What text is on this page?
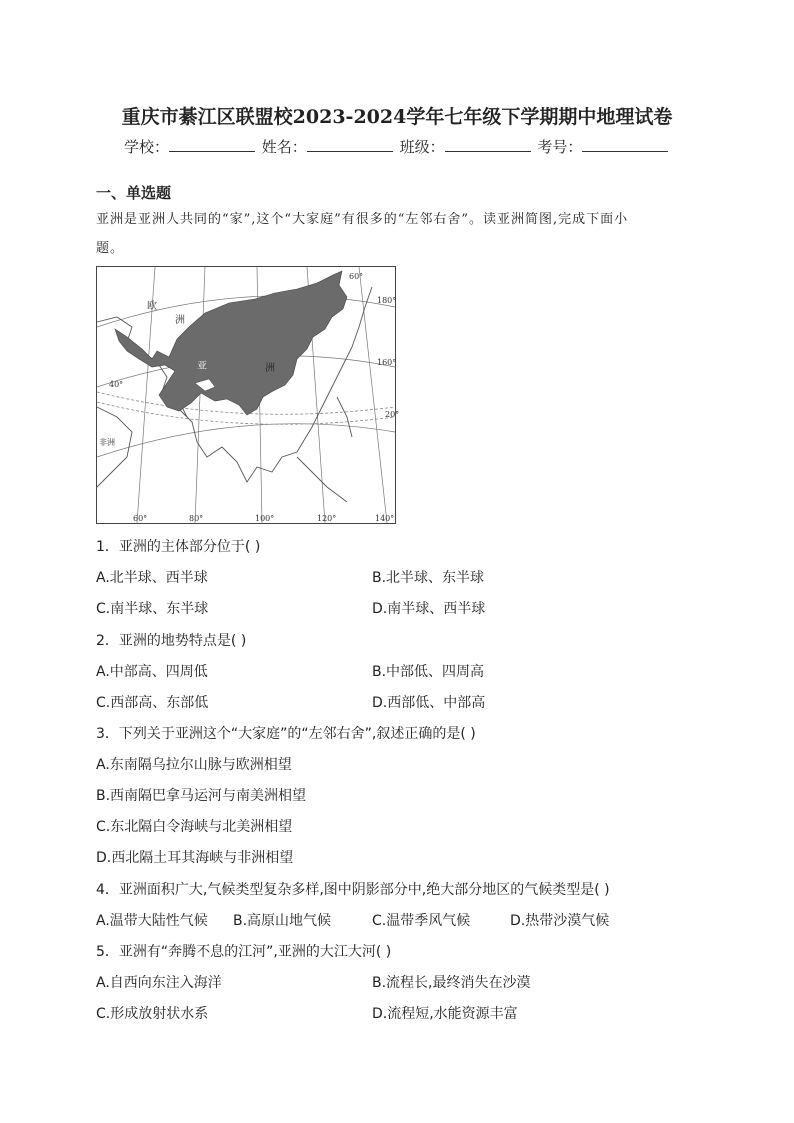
重庆市綦江区联盟校2023-2024学年七年级下学期期中地理试卷
学校：	姓名：	班级：	考号：
一、单选题
亚洲是亚洲人共同的“家”,这个“大家庭”有很多的“左邻右舍”。读亚洲简图,完成下面小
题。
欧
洲
亚	洲
非洲
60°
180°
160°
20°
40°
60°	80°	100°	120°	140°
1．亚洲的主体部分位于( )
A.北半球、西半球	B.北半球、东半球
C.南半球、东半球	D.南半球、西半球
2．亚洲的地势特点是( )
A.中部高、四周低	B.中部低、四周高
C.西部高、东部低	D.西部低、中部高
3．下列关于亚洲这个“大家庭”的“左邻右舍”,叙述正确的是( )
A.东南隔乌拉尔山脉与欧洲相望
B.西南隔巴拿马运河与南美洲相望
C.东北隔白令海峡与北美洲相望
D.西北隔土耳其海峡与非洲相望
4．亚洲面积广大,气候类型复杂多样,图中阴影部分中,绝大部分地区的气候类型是( )
A.温带大陆性气候 B.高原山地气候	C.温带季风气候	D.热带沙漠气候
5．亚洲有“奔腾不息的江河”,亚洲的大江大河( )
A.自西向东注入海洋	B.流程长,最终消失在沙漠
C.形成放射状水系	D.流程短,水能资源丰富
